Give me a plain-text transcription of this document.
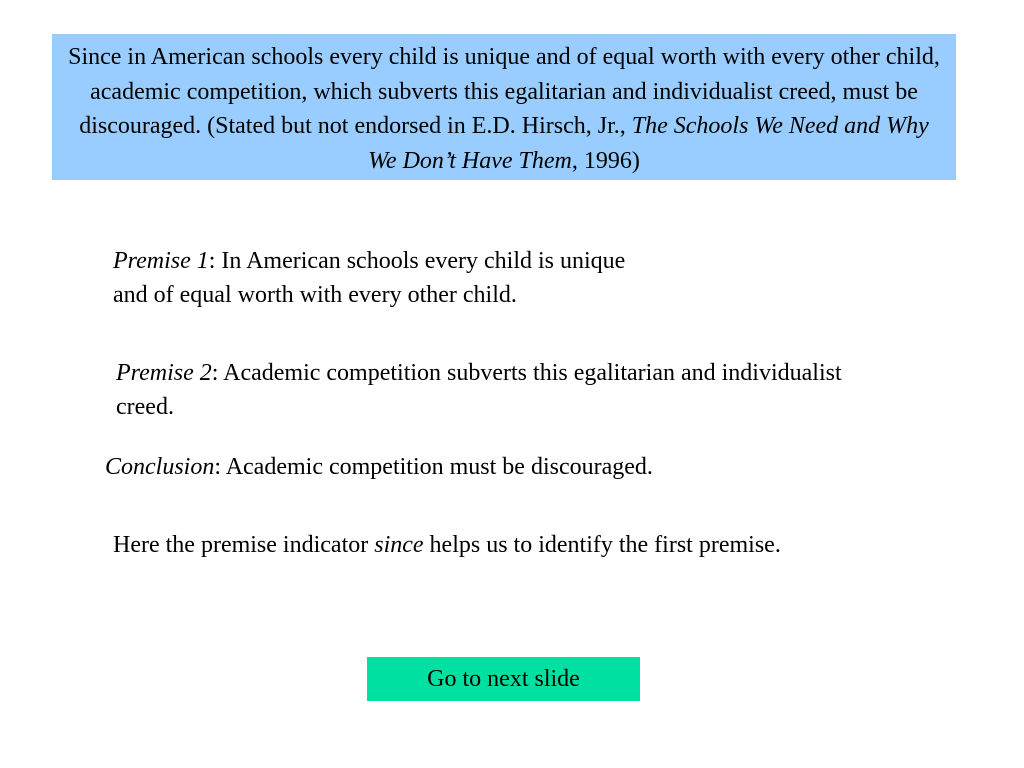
Since in American schools every child is unique and of equal worth with every other child, academic competition, which subverts this egalitarian and individualist creed, must be discouraged. (Stated but not endorsed in E.D. Hirsch, Jr., The Schools We Need and Why We Don’t Have Them, 1996)

Premise 1: In American schools every child is unique
and of equal worth with every other child.

Premise 2: Academic competition subverts this egalitarian and individualist creed.

Conclusion: Academic competition must be discouraged.

Here the premise indicator since helps us to identify the first premise.

Go to next slide
